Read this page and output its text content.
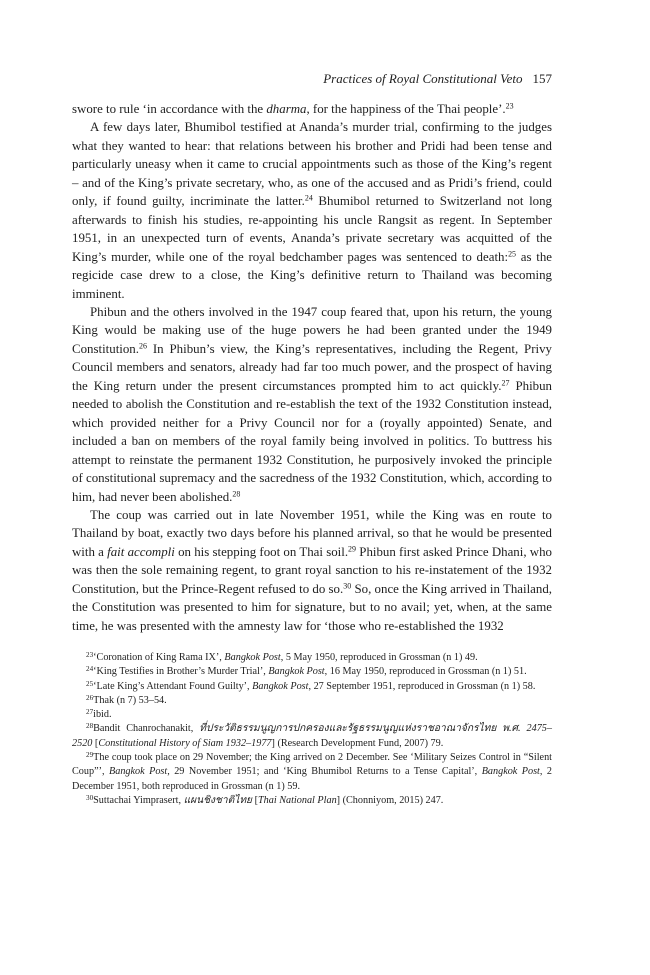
Practices of Royal Constitutional Veto 157

swore to rule ‘in accordance with the dharma, for the happiness of the Thai people’.$^{23}$

A few days later, Bhumibol testified at Ananda’s murder trial, confirming to the judges what they wanted to hear: that relations between his brother and Pridi had been tense and particularly uneasy when it came to crucial appointments such as those of the King’s regent – and of the King’s private secretary, who, as one of the accused and as Pridi’s friend, could only, if found guilty, incriminate the latter.$^{24}$ Bhumibol returned to Switzerland not long afterwards to finish his studies, re-appointing his uncle Rangsit as regent. In September 1951, in an unexpected turn of events, Ananda’s private secretary was acquitted of the King’s murder, while one of the royal bedchamber pages was sentenced to death:$^{25}$ as the regicide case drew to a close, the King’s definitive return to Thailand was becoming imminent.

Phibun and the others involved in the 1947 coup feared that, upon his return, the young King would be making use of the huge powers he had been granted under the 1949 Constitution.$^{26}$ In Phibun’s view, the King’s representatives, including the Regent, Privy Council members and senators, already had far too much power, and the prospect of having the King return under the present circumstances prompted him to act quickly.$^{27}$ Phibun needed to abolish the Constitution and re-establish the text of the 1932 Constitution instead, which provided neither for a Privy Council nor for a (royally appointed) Senate, and included a ban on members of the royal family being involved in politics. To buttress his attempt to reinstate the permanent 1932 Constitution, he purposively invoked the principle of constitutional supremacy and the sacredness of the 1932 Constitution, which, according to him, had never been abolished.$^{28}$

The coup was carried out in late November 1951, while the King was en route to Thailand by boat, exactly two days before his planned arrival, so that he would be presented with a fait accompli on his stepping foot on Thai soil.$^{29}$ Phibun first asked Prince Dhani, who was then the sole remaining regent, to grant royal sanction to his re-instatement of the 1932 Constitution, but the Prince-Regent refused to do so.$^{30}$ So, once the King arrived in Thailand, the Constitution was presented to him for signature, but to no avail; yet, when, at the same time, he was presented with the amnesty law for ‘those who re-established the 1932

$^{23}$‘Coronation of King Rama IX’, Bangkok Post, 5 May 1950, reproduced in Grossman (n 1) 49.

$^{24}$‘King Testifies in Brother’s Murder Trial’, Bangkok Post, 16 May 1950, reproduced in Grossman (n 1) 51.

$^{25}$‘Late King’s Attendant Found Guilty’, Bangkok Post, 27 September 1951, reproduced in Grossman (n 1) 58.

$^{26}$Thak (n 7) 53–54.

$^{27}$ibid.

$^{28}$Bandit Chanrochanakit, ที่ประวัติธรรมนูญการปกครองและรัฐธรรมนูญแห่งราชอาณาจักรไทย พ.ศ. 2475–2520 [Constitutional History of Siam 1932–1977] (Research Development Fund, 2007) 79.

$^{29}$The coup took place on 29 November; the King arrived on 2 December. See ‘Military Seizes Control in “Silent Coup”’, Bangkok Post, 29 November 1951; and ‘King Bhumibol Returns to a Tense Capital’, Bangkok Post, 2 December 1951, both reproduced in Grossman (n 1) 59.

$^{30}$Suttachai Yimprasert, แผนชิงชาติไทย [Thai National Plan] (Chonniyom, 2015) 247.
